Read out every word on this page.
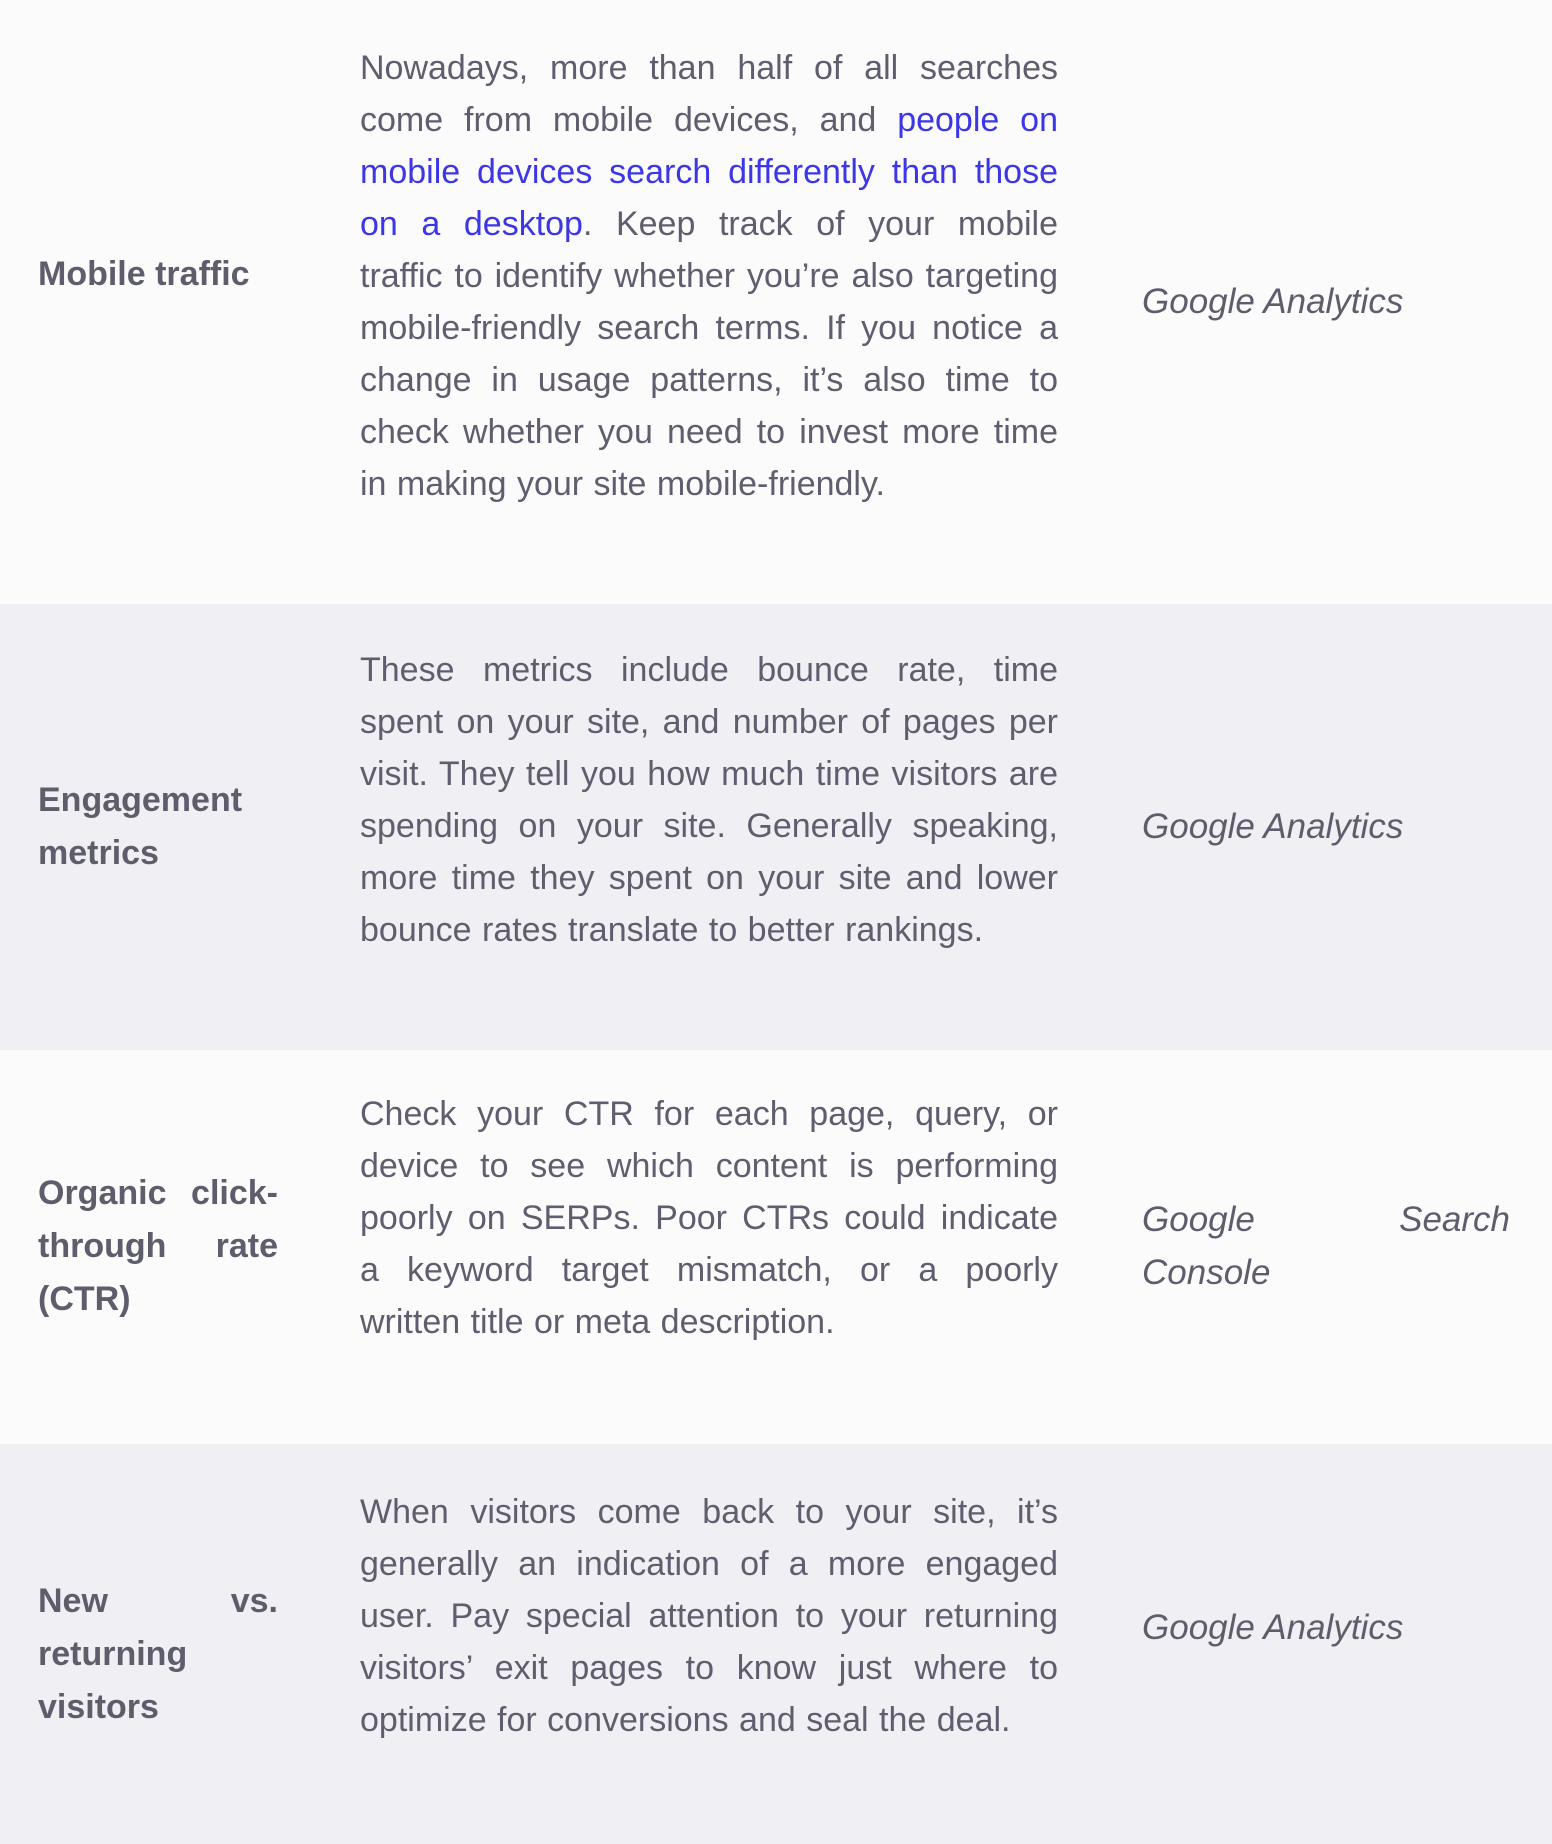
Mobile traffic
Nowadays, more than half of all searches come from mobile devices, and people on mobile devices search differently than those on a desktop. Keep track of your mobile traffic to identify whether you’re also targeting mobile-friendly search terms. If you notice a change in usage patterns, it’s also time to check whether you need to invest more time in making your site mobile-friendly.
Google Analytics
Engagement metrics
These metrics include bounce rate, time spent on your site, and number of pages per visit. They tell you how much time visitors are spending on your site. Generally speaking, more time they spent on your site and lower bounce rates translate to better rankings.
Google Analytics
Organic click-through rate (CTR)
Check your CTR for each page, query, or device to see which content is performing poorly on SERPs. Poor CTRs could indicate a keyword target mismatch, or a poorly written title or meta description.
Google Search Console
New vs. returning visitors
When visitors come back to your site, it’s generally an indication of a more engaged user. Pay special attention to your returning visitors’ exit pages to know just where to optimize for conversions and seal the deal.
Google Analytics
